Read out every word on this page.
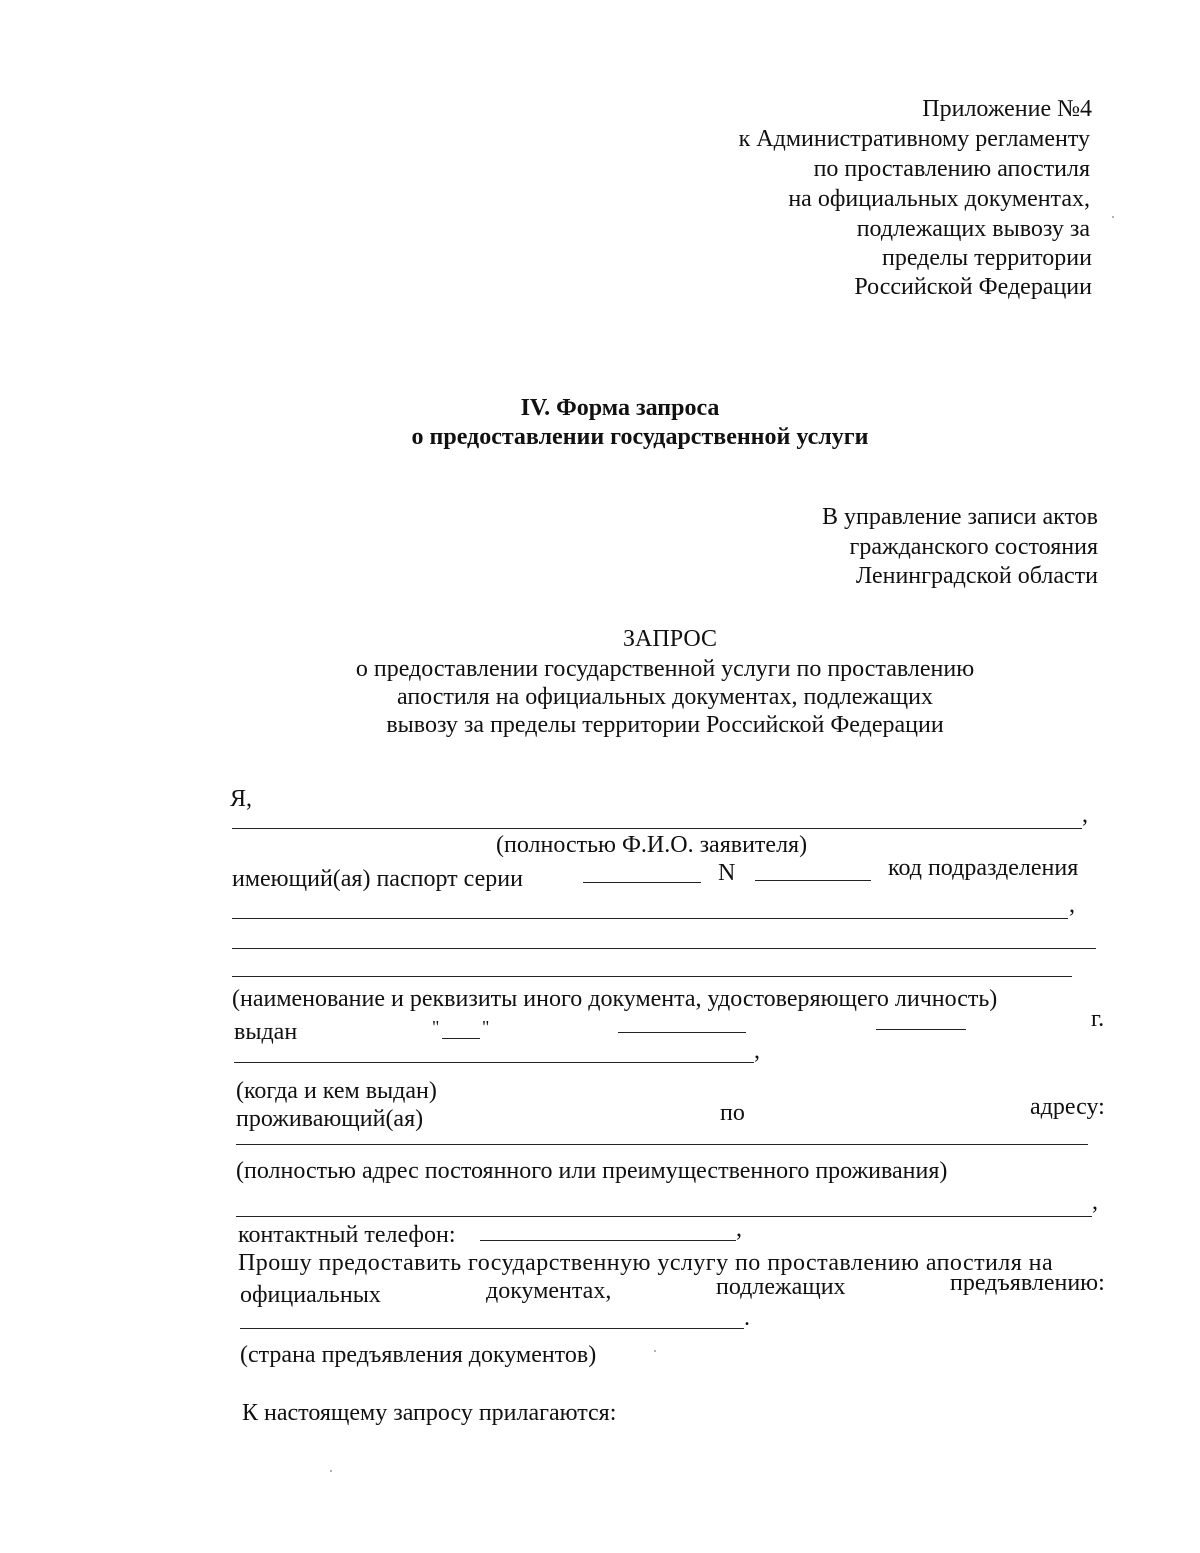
Приложение №4
к Административному регламенту
по проставлению апостиля
на официальных документах,
подлежащих вывозу за
пределы территории
Российской Федерации
IV. Форма запроса
о предоставлении государственной услуги
В управление записи актов
гражданского состояния
Ленинградской области
ЗАПРОС
о предоставлении государственной услуги по проставлению
апостиля на официальных документах, подлежащих
вывозу за пределы территории Российской Федерации
Я,
,
(полностью Ф.И.О. заявителя)
имеющий(ая) паспорт серии	N	код подразделения
,
(наименование и реквизиты иного документа, удостоверяющего личность)
выдан	" "	г.
,
(когда и кем выдан)
проживающий(ая)	по	адресу:
(полностью адрес постоянного или преимущественного проживания)
,
контактный телефон:	,
Прошу предоставить государственную услугу по проставлению апостиля на
официальных	документах,	подлежащих	предъявлению:
.
(страна предъявления документов)
К настоящему запросу прилагаются:
